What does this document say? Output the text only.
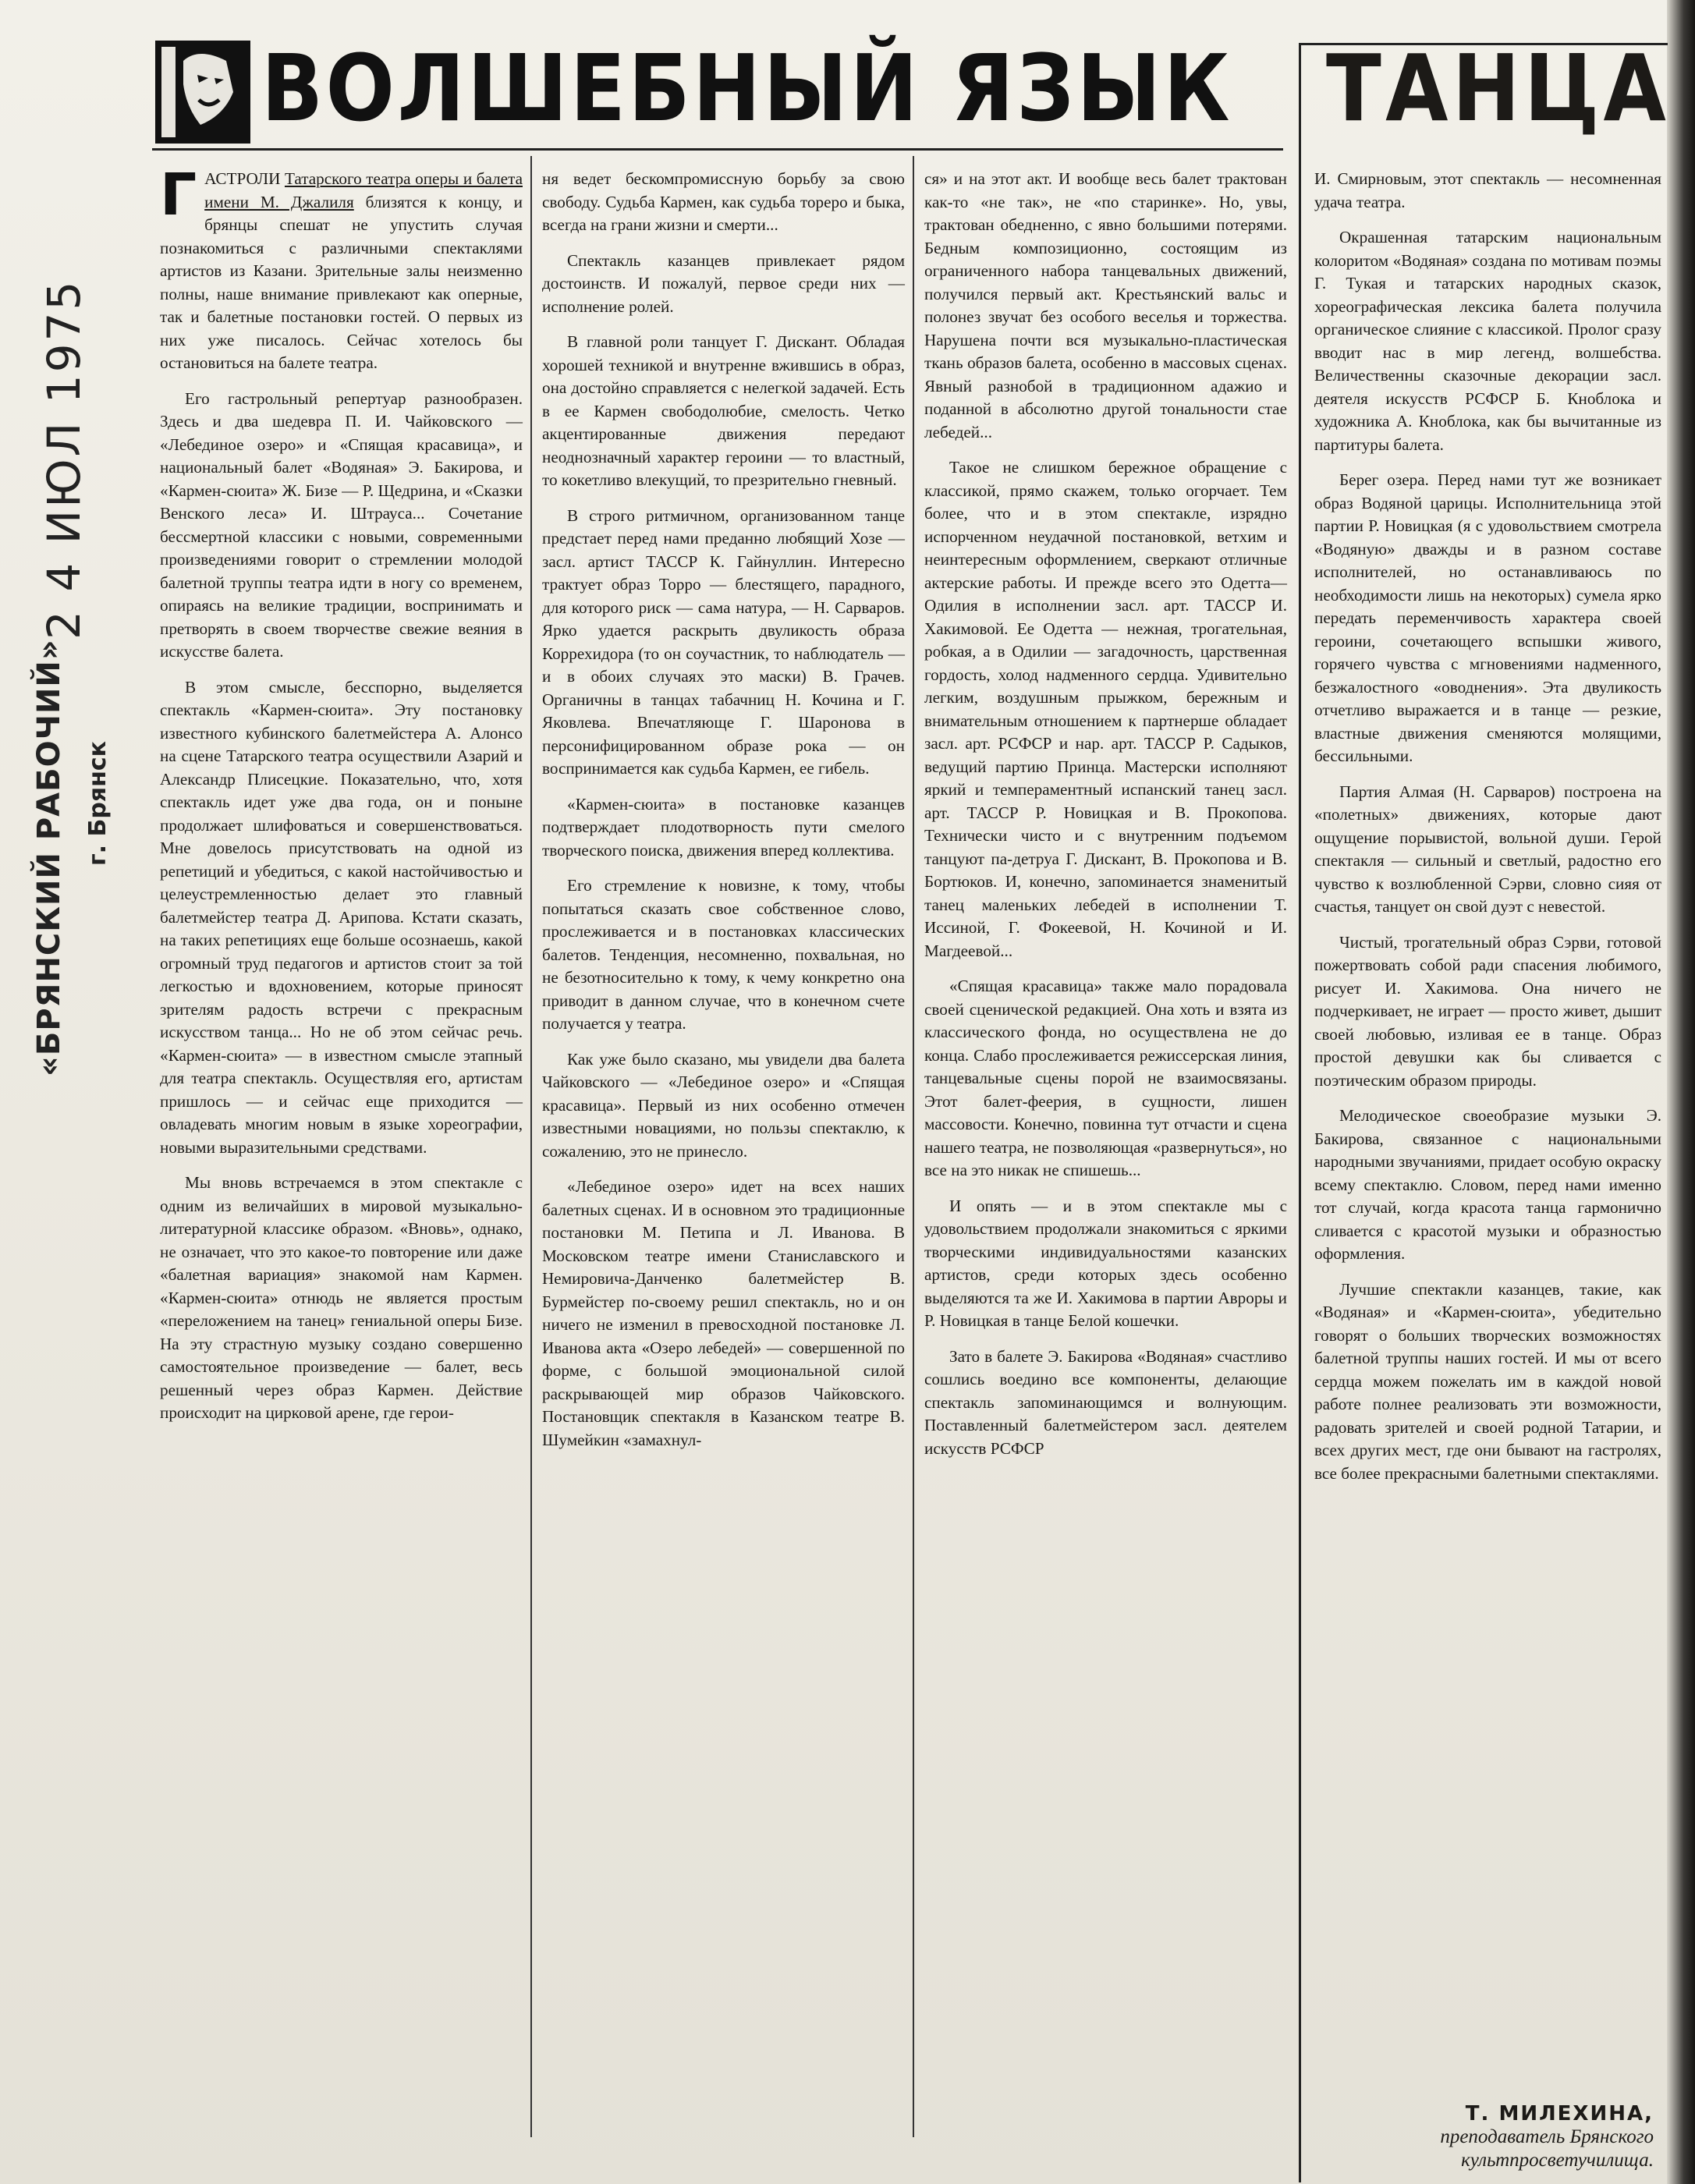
ВОЛШЕБНЫЙ ЯЗЫК ТАНЦА
2 4 ИЮЛ 1975
«БРЯНСКИЙ РАБОЧИЙ» г. Брянск

ГАСТРОЛИ Татарского театра оперы и балета имени М. Джалиля близятся к концу, и брянцы спешат не упустить случая познакомиться с различными спектаклями артистов из Казани. Зрительные залы неизменно полны, наше внимание привлекают как оперные, так и балетные постановки гостей. О первых из них уже писалось. Сейчас хотелось бы остановиться на балете театра.

Его гастрольный репертуар разнообразен. Здесь и два шедевра П. И. Чайковского — «Лебединое озеро» и «Спящая красавица», и национальный балет «Водяная» Э. Бакирова, и «Кармен-сюита» Ж. Бизе — Р. Щедрина, и «Сказки Венского леса» И. Штрауса... Сочетание бессмертной классики с новыми, современными произведениями говорит о стремлении молодой балетной труппы театра идти в ногу со временем, опираясь на великие традиции, воспринимать и претворять в своем творчестве свежие веяния в искусстве балета.

В этом смысле, бесспорно, выделяется спектакль «Кармен-сюита». Эту постановку известного кубинского балетмейстера А. Алонсо на сцене Татарского театра осуществили Азарий и Александр Плисецкие. Показательно, что, хотя спектакль идет уже два года, он и поныне продолжает шлифоваться и совершенствоваться. Мне довелось присутствовать на одной из репетиций и убедиться, с какой настойчивостью и целеустремленностью делает это главный балетмейстер театра Д. Арипова. Кстати сказать, на таких репетициях еще больше осознаешь, какой огромный труд педагогов и артистов стоит за той легкостью и вдохновением, которые приносят зрителям радость встречи с прекрасным искусством танца... Но не об этом сейчас речь. «Кармен-сюита» — в известном смысле этапный для театра спектакль. Осуществляя его, артистам пришлось — и сейчас еще приходится — овладевать многим новым в языке хореографии, новыми выразительными средствами.

Мы вновь встречаемся в этом спектакле с одним из величайших в мировой музыкально-литературной классике образом. «Вновь», однако, не означает, что это какое-то повторение или даже «балетная вариация» знакомой нам Кармен. «Кармен-сюита» отнюдь не является простым «переложением на танец» гениальной оперы Бизе. На эту страстную музыку создано совершенно самостоятельное произведение — балет, весь решенный через образ Кармен. Действие происходит на цирковой арене, где герои-

ня ведет бескомпромиссную борьбу за свою свободу. Судьба Кармен, как судьба тореро и быка, всегда на грани жизни и смерти...

Спектакль казанцев привлекает рядом достоинств. И пожалуй, первое среди них — исполнение ролей.

В главной роли танцует Г. Дискант. Обладая хорошей техникой и внутренне вжившись в образ, она достойно справляется с нелегкой задачей. Есть в ее Кармен свободолюбие, смелость. Четко акцентированные движения передают неоднозначный характер героини — то властный, то кокетливо влекущий, то презрительно гневный.

В строго ритмичном, организованном танце предстает перед нами преданно любящий Хозе — засл. артист ТАССР К. Гайнуллин. Интересно трактует образ Торро — блестящего, парадного, для которого риск — сама натура, — Н. Сарваров. Ярко удается раскрыть двуликость образа Коррехидора (то он соучастник, то наблюдатель — и в обоих случаях это маски) В. Грачев. Органичны в танцах табачниц Н. Кочина и Г. Яковлева. Впечатляюще Г. Шаронова в персонифицированном образе рока — он воспринимается как судьба Кармен, ее гибель.

«Кармен-сюита» в постановке казанцев подтверждает плодотворность пути смелого творческого поиска, движения вперед коллектива.

Его стремление к новизне, к тому, чтобы попытаться сказать свое собственное слово, прослеживается и в постановках классических балетов. Тенденция, несомненно, похвальная, но не безотносительно к тому, к чему конкретно она приводит в данном случае, что в конечном счете получается у театра.

Как уже было сказано, мы увидели два балета Чайковского — «Лебединое озеро» и «Спящая красавица». Первый из них особенно отмечен известными новациями, но пользы спектаклю, к сожалению, это не принесло.

«Лебединое озеро» идет на всех наших балетных сценах. И в основном это традиционные постановки М. Петипа и Л. Иванова. В Московском театре имени Станиславского и Немировича-Данченко балетмейстер В. Бурмейстер по-своему решил спектакль, но и он ничего не изменил в превосходной постановке Л. Иванова акта «Озеро лебедей» — совершенной по форме, с большой эмоциональной силой раскрывающей мир образов Чайковского. Постановщик спектакля в Казанском театре В. Шумейкин «замахнул-

ся» и на этот акт. И вообще весь балет трактован как-то «не так», не «по старинке». Но, увы, трактован обедненно, с явно большими потерями. Бедным композиционно, состоящим из ограниченного набора танцевальных движений, получился первый акт. Крестьянский вальс и полонез звучат без особого веселья и торжества. Нарушена почти вся музыкально-пластическая ткань образов балета, особенно в массовых сценах. Явный разнобой в традиционном адажио и поданной в абсолютно другой тональности стае лебедей...

Такое не слишком бережное обращение с классикой, прямо скажем, только огорчает. Тем более, что и в этом спектакле, изрядно испорченном неудачной постановкой, ветхим и неинтересным оформлением, сверкают отличные актерские работы. И прежде всего это Одетта—Одилия в исполнении засл. арт. ТАССР И. Хакимовой. Ее Одетта — нежная, трогательная, робкая, а в Одилии — загадочность, царственная гордость, холод надменного сердца. Удивительно легким, воздушным прыжком, бережным и внимательным отношением к партнерше обладает засл. арт. РСФСР и нар. арт. ТАССР Р. Садыков, ведущий партию Принца. Мастерски исполняют яркий и темпераментный испанский танец засл. арт. ТАССР Р. Новицкая и В. Прокопова. Технически чисто и с внутренним подъемом танцуют па-детруа Г. Дискант, В. Прокопова и В. Бортюков. И, конечно, запоминается знаменитый танец маленьких лебедей в исполнении Т. Иссиной, Г. Фокеевой, Н. Кочиной и И. Магдеевой...

«Спящая красавица» также мало порадовала своей сценической редакцией. Она хоть и взята из классического фонда, но осуществлена не до конца. Слабо прослеживается режиссерская линия, танцевальные сцены порой не взаимосвязаны. Этот балет-феерия, в сущности, лишен массовости. Конечно, повинна тут отчасти и сцена нашего театра, не позволяющая «развернуться», но все на это никак не спишешь...

И опять — и в этом спектакле мы с удовольствием продолжали знакомиться с яркими творческими индивидуальностями казанских артистов, среди которых здесь особенно выделяются та же И. Хакимова в партии Авроры и Р. Новицкая в танце Белой кошечки.

Зато в балете Э. Бакирова «Водяная» счастливо сошлись воедино все компоненты, делающие спектакль запоминающимся и волнующим. Поставленный балетмейстером засл. деятелем искусств РСФСР

И. Смирновым, этот спектакль — несомненная удача театра.

Окрашенная татарским национальным колоритом «Водяная» создана по мотивам поэмы Г. Тукая и татарских народных сказок, хореографическая лексика балета получила органическое слияние с классикой. Пролог сразу вводит нас в мир легенд, волшебства. Величественны сказочные декорации засл. деятеля искусств РСФСР Б. Кноблока и художника А. Кноблока, как бы вычитанные из партитуры балета.

Берег озера. Перед нами тут же возникает образ Водяной царицы. Исполнительница этой партии Р. Новицкая (я с удовольствием смотрела «Водяную» дважды и в разном составе исполнителей, но останавливаюсь по необходимости лишь на некоторых) сумела ярко передать переменчивость характера своей героини, сочетающего вспышки живого, горячего чувства с мгновениями надменного, безжалостного «оводнения». Эта двуликость отчетливо выражается и в танце — резкие, властные движения сменяются молящими, бессильными.

Партия Алмая (Н. Сарваров) построена на «полетных» движениях, которые дают ощущение порывистой, вольной души. Герой спектакля — сильный и светлый, радостно его чувство к возлюбленной Сэрви, словно сияя от счастья, танцует он свой дуэт с невестой.

Чистый, трогательный образ Сэрви, готовой пожертвовать собой ради спасения любимого, рисует И. Хакимова. Она ничего не подчеркивает, не играет — просто живет, дышит своей любовью, изливая ее в танце. Образ простой девушки как бы сливается с поэтическим образом природы.

Мелодическое своеобразие музыки Э. Бакирова, связанное с национальными народными звучаниями, придает особую окраску всему спектаклю. Словом, перед нами именно тот случай, когда красота танца гармонично сливается с красотой музыки и образностью оформления.

Лучшие спектакли казанцев, такие, как «Водяная» и «Кармен-сюита», убедительно говорят о больших творческих возможностях балетной труппы наших гостей. И мы от всего сердца можем пожелать им в каждой новой работе полнее реализовать эти возможности, радовать зрителей и своей родной Татарии, и всех других мест, где они бывают на гастролях, все более прекрасными балетными спектаклями.

Т. МИЛЕХИНА,
преподаватель Брянского
культпросветучилища.
